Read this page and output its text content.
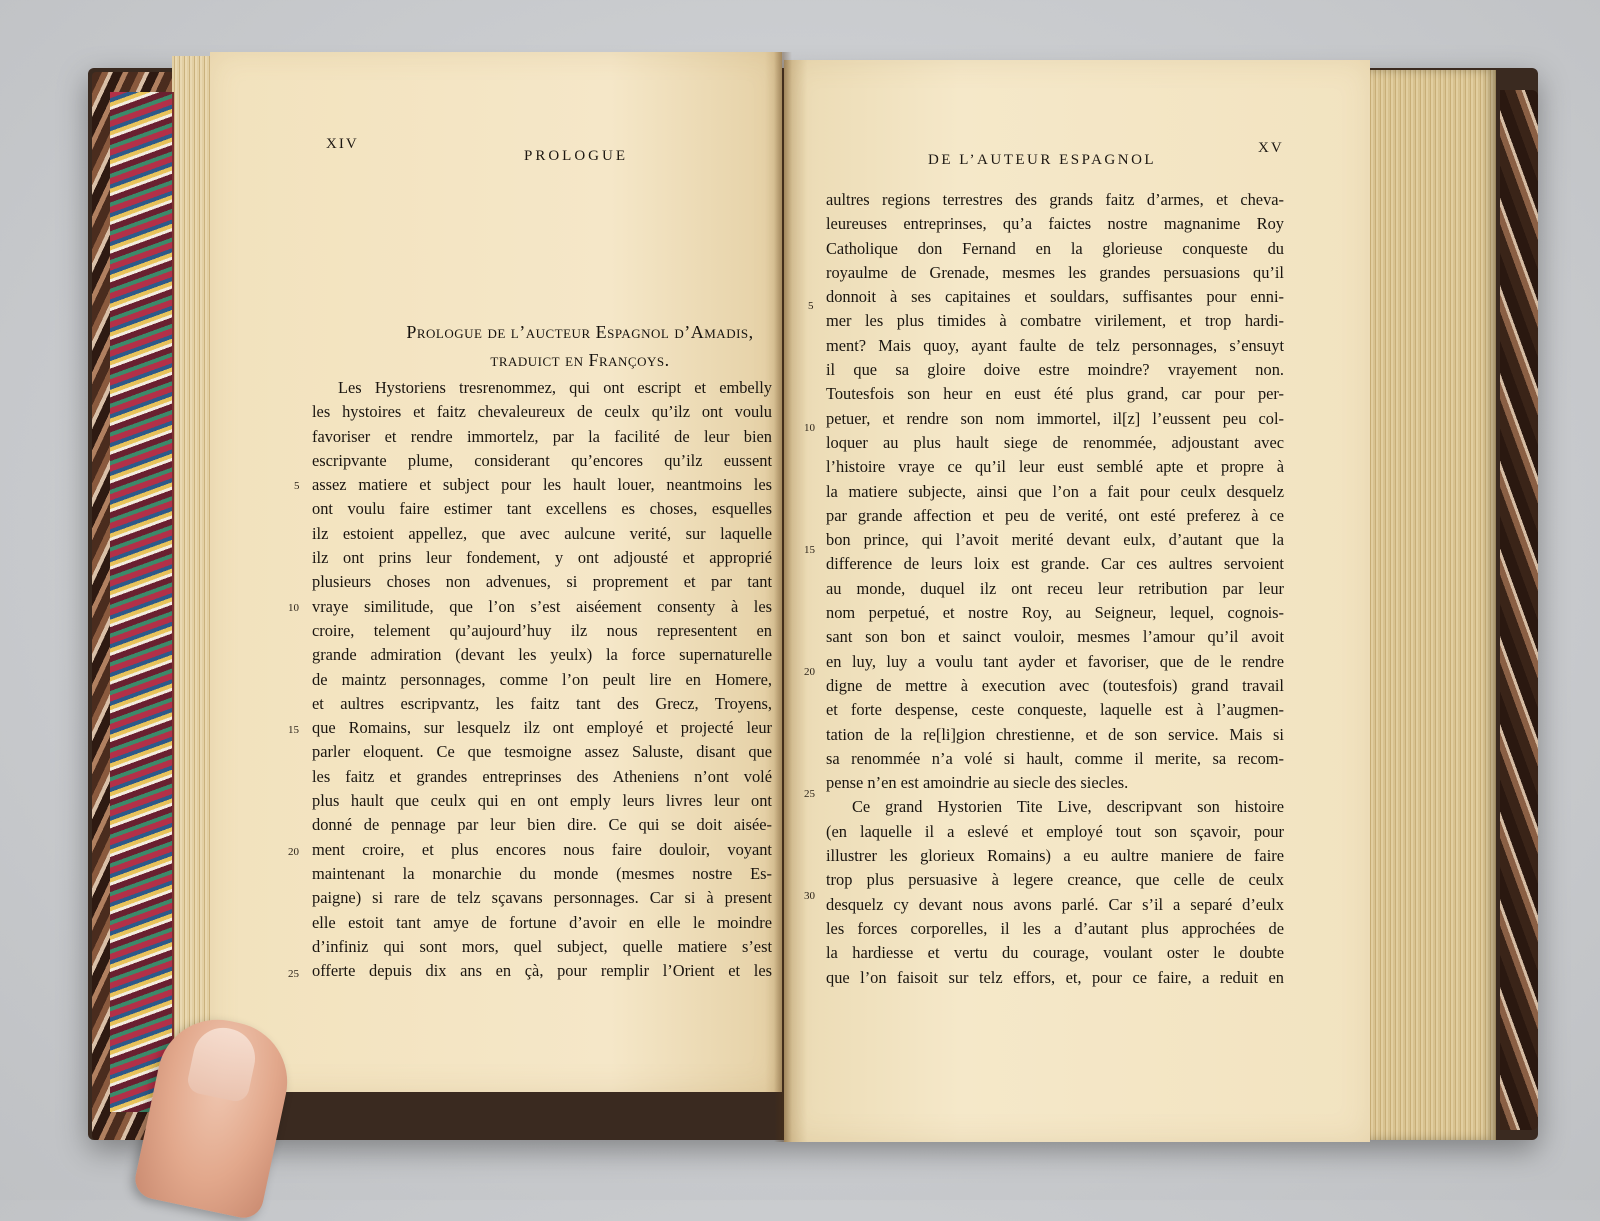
XIV
PROLOGUE
Prologue de l’aucteur Espagnol d’Amadis,
traduict en Françoys.
Les Hystoriens tresrenommez, qui ont escript et embelly
les hystoires et faitz chevaleureux de ceulx qu’ilz ont voulu
favoriser et rendre immortelz, par la facilité de leur bien
escripvante plume, considerant qu’encores qu’ilz eussent
assez matiere et subject pour les hault louer, neantmoins les
ont voulu faire estimer tant excellens es choses, esquelles
ilz estoient appellez, que avec aulcune verité, sur laquelle
ilz ont prins leur fondement, y ont adjousté et approprié
plusieurs choses non advenues, si proprement et par tant
vraye similitude, que l’on s’est aiséement consenty à les
croire, telement qu’aujourd’huy ilz nous representent en
grande admiration (devant les yeulx) la force supernaturelle
de maintz personnages, comme l’on peult lire en Homere,
et aultres escripvantz, les faitz tant des Grecz, Troyens,
que Romains, sur lesquelz ilz ont employé et projecté leur
parler eloquent. Ce que tesmoigne assez Saluste, disant que
les faitz et grandes entreprinses des Atheniens n’ont volé
plus hault que ceulx qui en ont emply leurs livres leur ont
donné de pennage par leur bien dire. Ce qui se doit aisée-
ment croire, et plus encores nous faire douloir, voyant
maintenant la monarchie du monde (mesmes nostre Es-
paigne) si rare de telz sçavans personnages. Car si à present
elle estoit tant amye de fortune d’avoir en elle le moindre
d’infiniz qui sont mors, quel subject, quelle matiere s’est
offerte depuis dix ans en çà, pour remplir l’Orient et les
5
10
15
20
25
DE L’AUTEUR ESPAGNOL
XV
aultres regions terrestres des grands faitz d’armes, et cheva-
leureuses entreprinses, qu’a faictes nostre magnanime Roy
Catholique don Fernand en la glorieuse conqueste du
royaulme de Grenade, mesmes les grandes persuasions qu’il
donnoit à ses capitaines et souldars, suffisantes pour enni-
mer les plus timides à combatre virilement, et trop hardi-
ment? Mais quoy, ayant faulte de telz personnages, s’ensuyt
il que sa gloire doive estre moindre? vrayement non.
Toutesfois son heur en eust été plus grand, car pour per-
petuer, et rendre son nom immortel, il[z] l’eussent peu col-
loquer au plus hault siege de renommée, adjoustant avec
l’histoire vraye ce qu’il leur eust semblé apte et propre à
la matiere subjecte, ainsi que l’on a fait pour ceulx desquelz
par grande affection et peu de verité, ont esté preferez à ce
bon prince, qui l’avoit merité devant eulx, d’autant que la
difference de leurs loix est grande. Car ces aultres servoient
au monde, duquel ilz ont receu leur retribution par leur
nom perpetué, et nostre Roy, au Seigneur, lequel, cognois-
sant son bon et sainct vouloir, mesmes l’amour qu’il avoit
en luy, luy a voulu tant ayder et favoriser, que de le rendre
digne de mettre à execution avec (toutesfois) grand travail
et forte despense, ceste conqueste, laquelle est à l’augmen-
tation de la re[li]gion chrestienne, et de son service. Mais si
sa renommée n’a volé si hault, comme il merite, sa recom-
pense n’en est amoindrie au siecle des siecles.
Ce grand Hystorien Tite Live, descripvant son histoire
(en laquelle il a eslevé et employé tout son sçavoir, pour
illustrer les glorieux Romains) a eu aultre maniere de faire
trop plus persuasive à legere creance, que celle de ceulx
desquelz cy devant nous avons parlé. Car s’il a separé d’eulx
les forces corporelles, il les a d’autant plus approchées de
la hardiesse et vertu du courage, voulant oster le doubte
que l’on faisoit sur telz effors, et, pour ce faire, a reduit en
5
10
15
20
25
30
